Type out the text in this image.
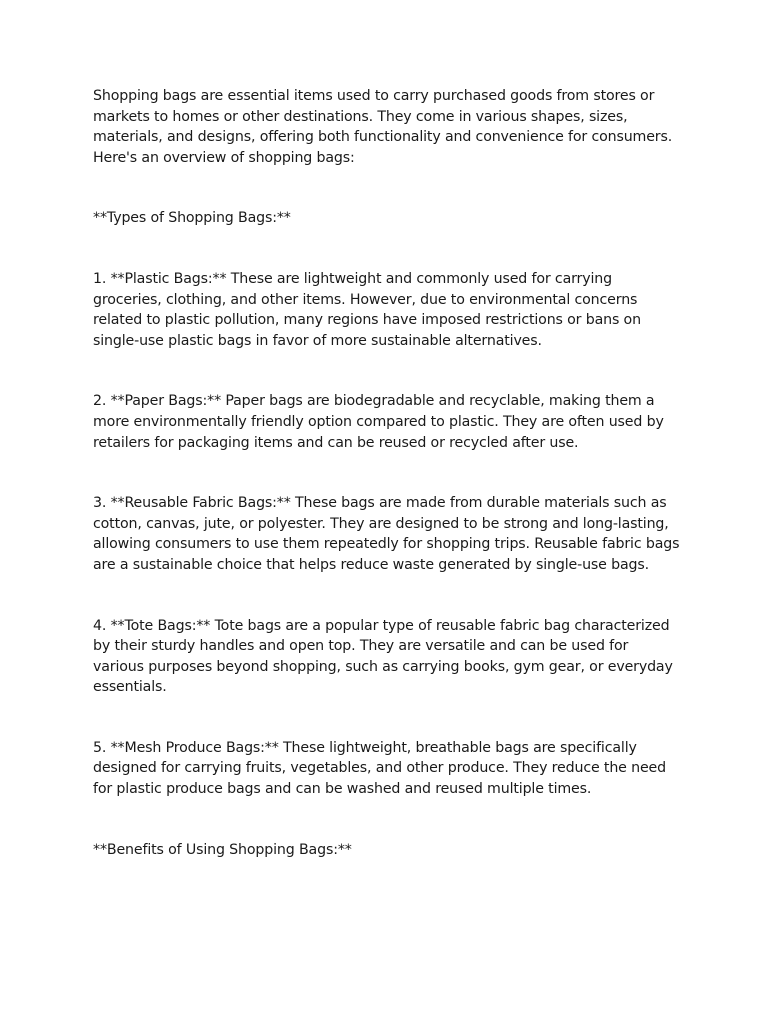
Shopping bags are essential items used to carry purchased goods from stores or markets to homes or other destinations. They come in various shapes, sizes, materials, and designs, offering both functionality and convenience for consumers. Here's an overview of shopping bags:

**Types of Shopping Bags:**

1. **Plastic Bags:** These are lightweight and commonly used for carrying groceries, clothing, and other items. However, due to environmental concerns related to plastic pollution, many regions have imposed restrictions or bans on single-use plastic bags in favor of more sustainable alternatives.

2. **Paper Bags:** Paper bags are biodegradable and recyclable, making them a more environmentally friendly option compared to plastic. They are often used by retailers for packaging items and can be reused or recycled after use.

3. **Reusable Fabric Bags:** These bags are made from durable materials such as cotton, canvas, jute, or polyester. They are designed to be strong and long-lasting, allowing consumers to use them repeatedly for shopping trips. Reusable fabric bags are a sustainable choice that helps reduce waste generated by single-use bags.

4. **Tote Bags:** Tote bags are a popular type of reusable fabric bag characterized by their sturdy handles and open top. They are versatile and can be used for various purposes beyond shopping, such as carrying books, gym gear, or everyday essentials.

5. **Mesh Produce Bags:** These lightweight, breathable bags are specifically designed for carrying fruits, vegetables, and other produce. They reduce the need for plastic produce bags and can be washed and reused multiple times.

**Benefits of Using Shopping Bags:**
